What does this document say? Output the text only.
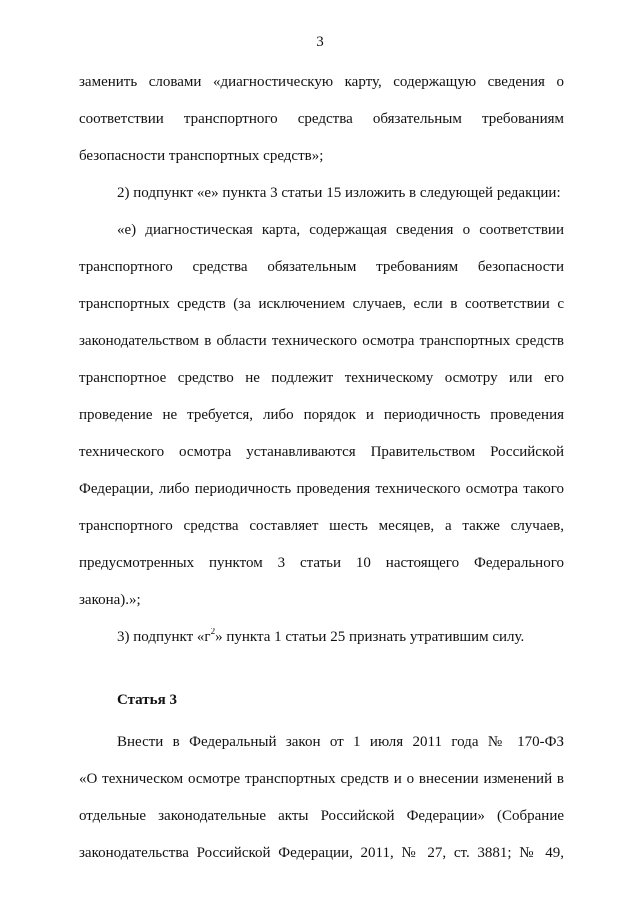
3
заменить словами «диагностическую карту, содержащую сведения о
соответствии транспортного средства обязательным требованиям
безопасности транспортных средств»;
2) подпункт «е» пункта 3 статьи 15 изложить в следующей редакции:
«е) диагностическая карта, содержащая сведения о соответствии
транспортного средства обязательным требованиям безопасности
транспортных средств (за исключением случаев, если в соответствии с
законодательством в области технического осмотра транспортных средств
транспортное средство не подлежит техническому осмотру или его
проведение не требуется, либо порядок и периодичность проведения
технического осмотра устанавливаются Правительством Российской
Федерации, либо периодичность проведения технического осмотра такого
транспортного средства составляет шесть месяцев, а также случаев,
предусмотренных пунктом 3 статьи 10 настоящего Федерального
закона).»;
3) подпункт «$г^2$» пункта 1 статьи 25 признать утратившим силу.
Статья 3
Внести в Федеральный закон от 1 июля 2011 года № 170-ФЗ
«О техническом осмотре транспортных средств и о внесении изменений в
отдельные законодательные акты Российской Федерации» (Собрание
законодательства Российской Федерации, 2011, № 27, ст. 3881; № 49,
